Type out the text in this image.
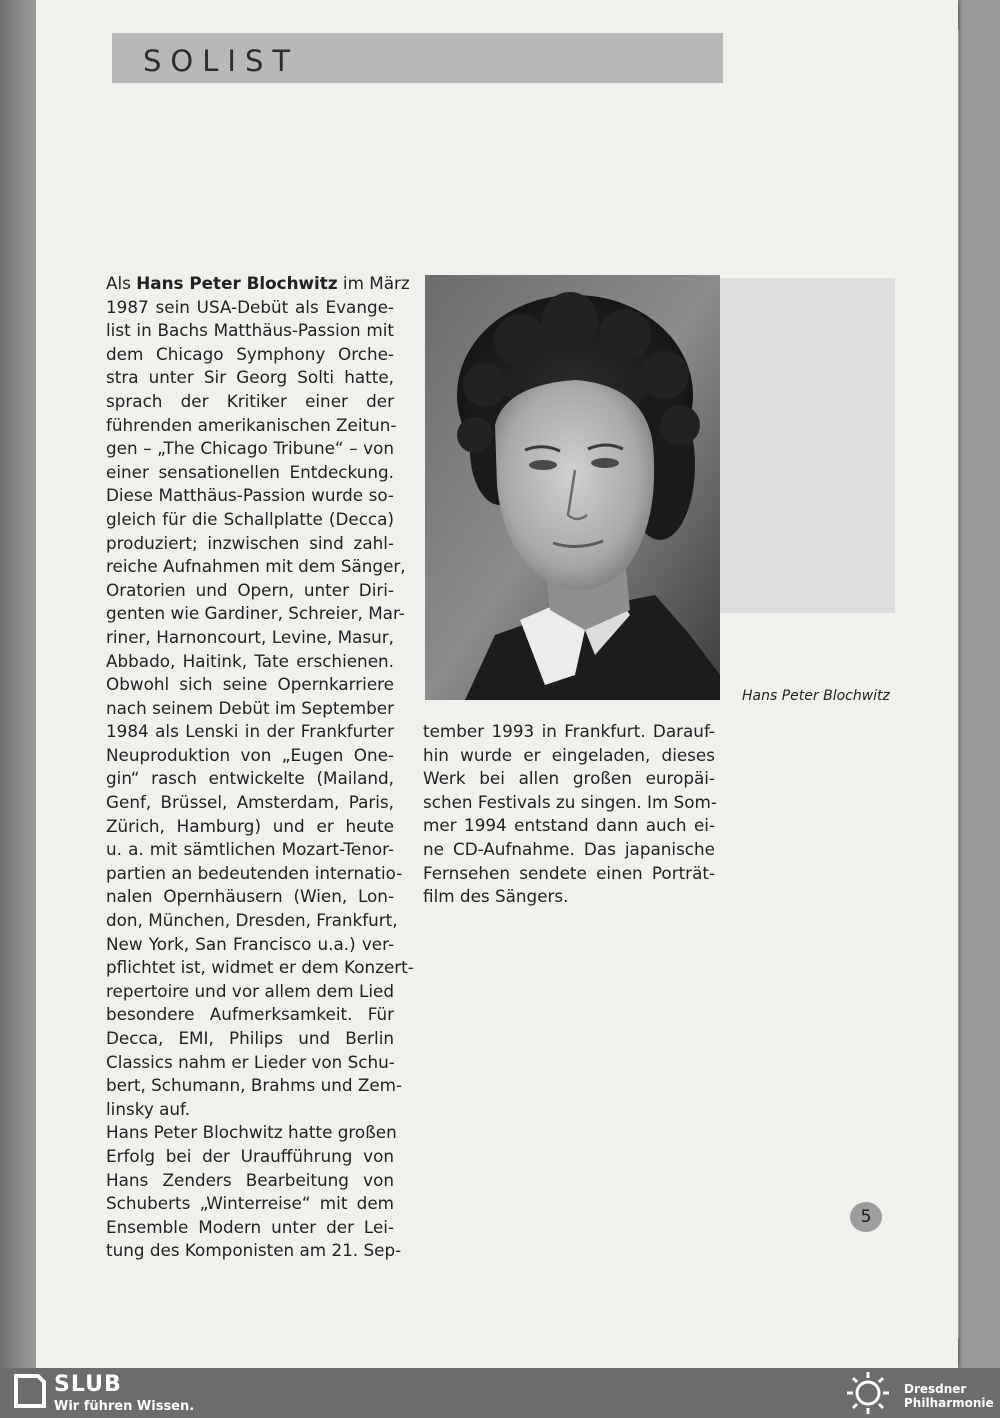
SOLIST
Als Hans Peter Blochwitz im März
1987 sein USA-Debüt als Evange-
list in Bachs Matthäus-Passion mit
dem Chicago Symphony Orche-
stra unter Sir Georg Solti hatte,
sprach der Kritiker einer der
führenden amerikanischen Zeitun-
gen – „The Chicago Tribune“ – von
einer sensationellen Entdeckung.
Diese Matthäus-Passion wurde so-
gleich für die Schallplatte (Decca)
produziert; inzwischen sind zahl-
reiche Aufnahmen mit dem Sänger,
Oratorien und Opern, unter Diri-
genten wie Gardiner, Schreier, Mar-
riner, Harnoncourt, Levine, Masur,
Abbado, Haitink, Tate erschienen.
Obwohl sich seine Opernkarriere
nach seinem Debüt im September
1984 als Lenski in der Frankfurter
Neuproduktion von „Eugen One-
gin“ rasch entwickelte (Mailand,
Genf, Brüssel, Amsterdam, Paris,
Zürich, Hamburg) und er heute
u. a. mit sämtlichen Mozart-Tenor-
partien an bedeutenden internatio-
nalen Opernhäusern (Wien, Lon-
don, München, Dresden, Frankfurt,
New York, San Francisco u.a.) ver-
pflichtet ist, widmet er dem Konzert-
repertoire und vor allem dem Lied
besondere Aufmerksamkeit. Für
Decca, EMI, Philips und Berlin
Classics nahm er Lieder von Schu-
bert, Schumann, Brahms und Zem-
linsky auf.
Hans Peter Blochwitz hatte großen
Erfolg bei der Uraufführung von
Hans Zenders Bearbeitung von
Schuberts „Winterreise“ mit dem
Ensemble Modern unter der Lei-
tung des Komponisten am 21. Sep-
Hans Peter Blochwitz
tember 1993 in Frankfurt. Darauf-
hin wurde er eingeladen, dieses
Werk bei allen großen europäi-
schen Festivals zu singen. Im Som-
mer 1994 entstand dann auch ei-
ne CD-Aufnahme. Das japanische
Fernsehen sendete einen Porträt-
film des Sängers.
5
SLUB
Wir führen Wissen.
Dresdner
Philharmonie
